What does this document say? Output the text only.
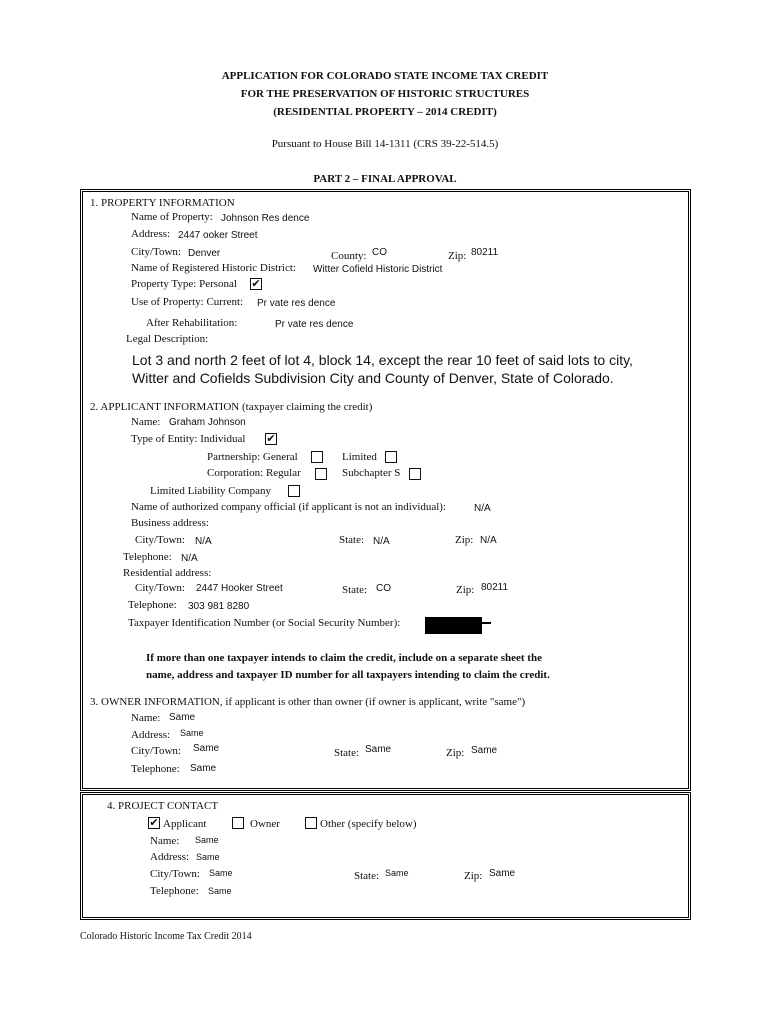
APPLICATION FOR COLORADO STATE INCOME TAX CREDIT
FOR THE PRESERVATION OF HISTORIC STRUCTURES
(RESIDENTIAL PROPERTY – 2014 CREDIT)
Pursuant to House Bill 14-1311 (CRS 39-22-514.5)
PART 2 – FINAL APPROVAL
1. PROPERTY INFORMATION
Name of Property: Johnson Res dence
Address: 2447 ooker Street
City/Town: Denver	County: CO	Zip: 80211
Name of Registered Historic District: Witter Cofield Historic District
Property Type: Personal ✔
Use of Property: Current: Pr vate res dence
After Rehabilitation:	Pr vate res dence
Legal Description:
Lot 3 and north 2 feet of lot 4, block 14, except the rear 10 feet of said lots to city,
Witter and Cofields Subdivision City and County of Denver, State of Colorado.
2. APPLICANT INFORMATION (taxpayer claiming the credit)
Name: Graham Johnson
Type of Entity: Individual ✔
Partnership: General	Limited
Corporation: Regular	Subchapter S
Limited Liability Company
Name of authorized company official (if applicant is not an individual):	N/A
Business address:
City/Town: N/A	State: N/A	Zip: N/A
Telephone: N/A
Residential address:
City/Town: 2447 Hooker Street	State: CO	Zip: 80211
Telephone: 303 981 8280
Taxpayer Identification Number (or Social Security Number):
If more than one taxpayer intends to claim the credit, include on a separate sheet the
name, address and taxpayer ID number for all taxpayers intending to claim the credit.
3. OWNER INFORMATION, if applicant is other than owner (if owner is applicant, write "same")
Name: Same
Address: Same
City/Town: Same	State: Same	Zip: Same
Telephone: Same
4. PROJECT CONTACT
✔ Applicant	Owner	Other (specify below)
Name: Same
Address: Same
City/Town: Same	State: Same	Zip: Same
Telephone: Same
Colorado Historic Income Tax Credit 2014
